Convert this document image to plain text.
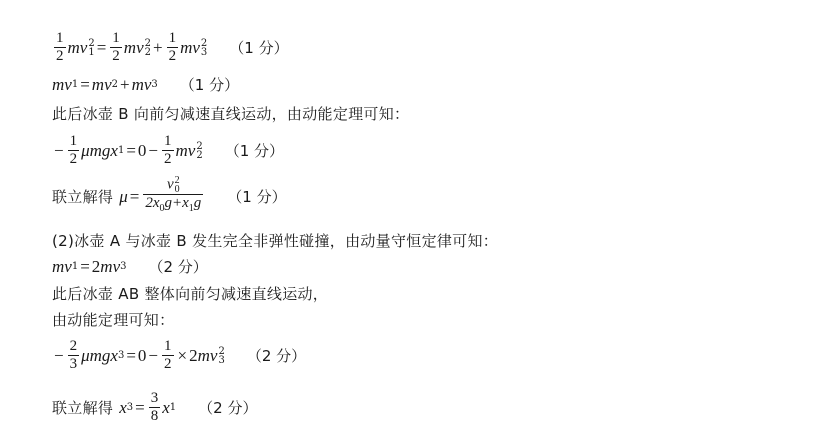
$\frac{1}{2}$ mv 2
$1 = \frac{1}{2}$ mv 2
$2 + \frac{1}{2}$ mv 2
3 （1 分）
mv 1 = mv 2 + mv 3 （1 分）
此后冰壶 B 向前匀减速直线运动，由动能定理可知：
− $\frac{1}{2}$ μmgx $1 = 0 - \frac{1}{2}$ mv 2
2 （1 分）
联立解得 μ = v 2
0
$2x_0g+x_1g$ （1 分）
(2)冰壶 A 与冰壶 B 发生完全非弹性碰撞，由动量守恒定律可知：
mv 1 = 2 mv 3 （2 分）
此后冰壶 AB 整体向前匀减速直线运动，
由动能定理可知：
− $\frac{2}{3}$ μmgx $3 = 0 - \frac{1}{2} \times 2$ mv 2
3 （2 分）
联立解得 x $3 = \frac{3}{8}$ x 1 （2 分）
